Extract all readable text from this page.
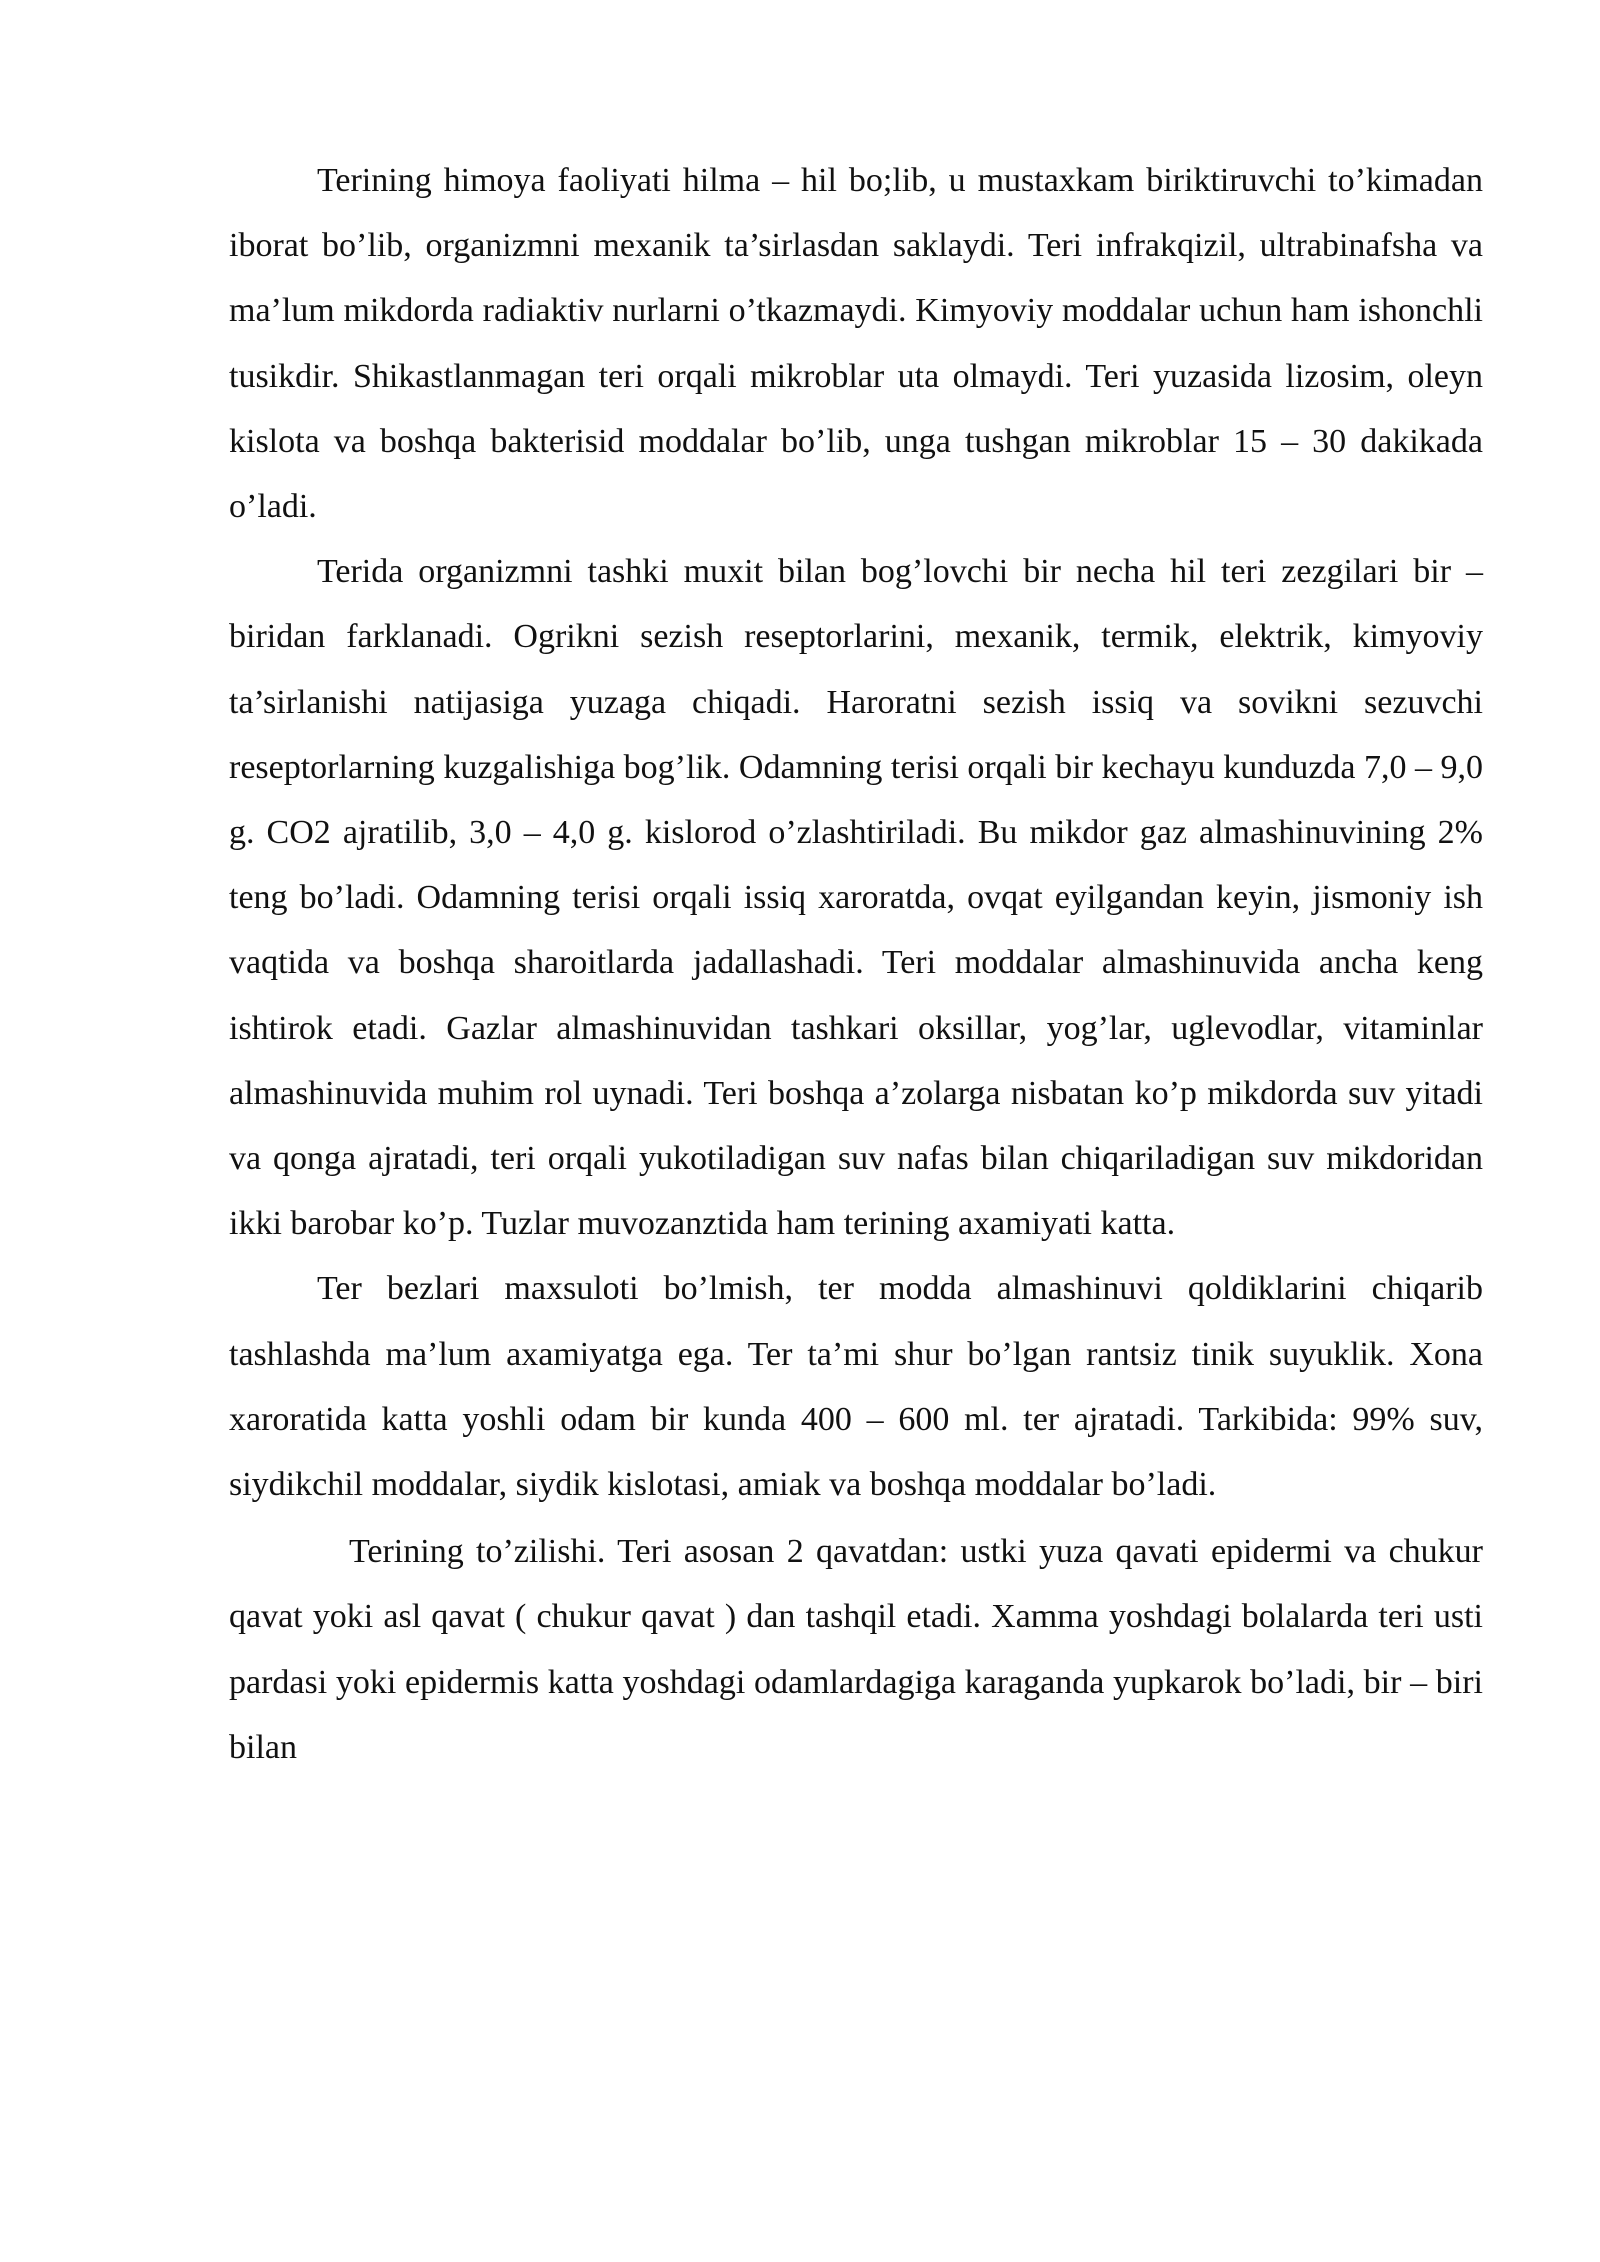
Terining himoya faoliyati hilma – hil bo;lib, u mustaxkam biriktiruvchi to’kimadan iborat bo’lib, organizmni mexanik ta’sirlasdan saklaydi. Teri infrakqizil, ultrabinafsha va ma’lum mikdorda radiaktiv nurlarni o’tkazmaydi. Kimyoviy moddalar uchun ham ishonchli tusikdir. Shikastlanmagan teri orqali mikroblar uta olmaydi. Teri yuzasida lizosim, oleyn kislota va boshqa bakterisid moddalar bo’lib, unga tushgan mikroblar 15 – 30 dakikada o’ladi.

Terida organizmni tashki muxit bilan bog’lovchi bir necha hil teri zezgilari bir – biridan farklanadi. Ogrikni sezish reseptorlarini, mexanik, termik, elektrik, kimyoviy ta’sirlanishi natijasiga yuzaga chiqadi. Haroratni sezish issiq va sovikni sezuvchi reseptorlarning kuzgalishiga bog’lik. Odamning terisi orqali bir kechayu kunduzda 7,0 – 9,0 g. CO2 ajratilib, 3,0 – 4,0 g. kislorod o’zlashtiriladi. Bu mikdor gaz almashinuvining 2% teng bo’ladi. Odamning terisi orqali issiq xaroratda, ovqat eyilgandan keyin, jismoniy ish vaqtida va boshqa sharoitlarda jadallashadi. Teri moddalar almashinuvida ancha keng ishtirok etadi. Gazlar almashinuvidan tashkari oksillar, yog’lar, uglevodlar, vitaminlar almashinuvida muhim rol uynadi. Teri boshqa a’zolarga nisbatan ko’p mikdorda suv yitadi va qonga ajratadi, teri orqali yukotiladigan suv nafas bilan chiqariladigan suv mikdoridan ikki barobar ko’p. Tuzlar muvozanztida ham terining axamiyati katta.

Ter bezlari maxsuloti bo’lmish, ter modda almashinuvi qoldiklarini chiqarib tashlashda ma’lum axamiyatga ega. Ter ta’mi shur bo’lgan rantsiz tinik suyuklik. Xona xaroratida katta yoshli odam bir kunda 400 – 600 ml. ter ajratadi. Tarkibida: 99% suv, siydikchil moddalar, siydik kislotasi, amiak va boshqa moddalar bo’ladi.

Terining to’zilishi. Teri asosan 2 qavatdan: ustki yuza qavati epidermi va chukur qavat yoki asl qavat ( chukur qavat ) dan tashqil etadi. Xamma yoshdagi bolalarda teri usti pardasi yoki epidermis katta yoshdagi odamlardagiga karaganda yupkarok bo’ladi, bir – biri bilan
